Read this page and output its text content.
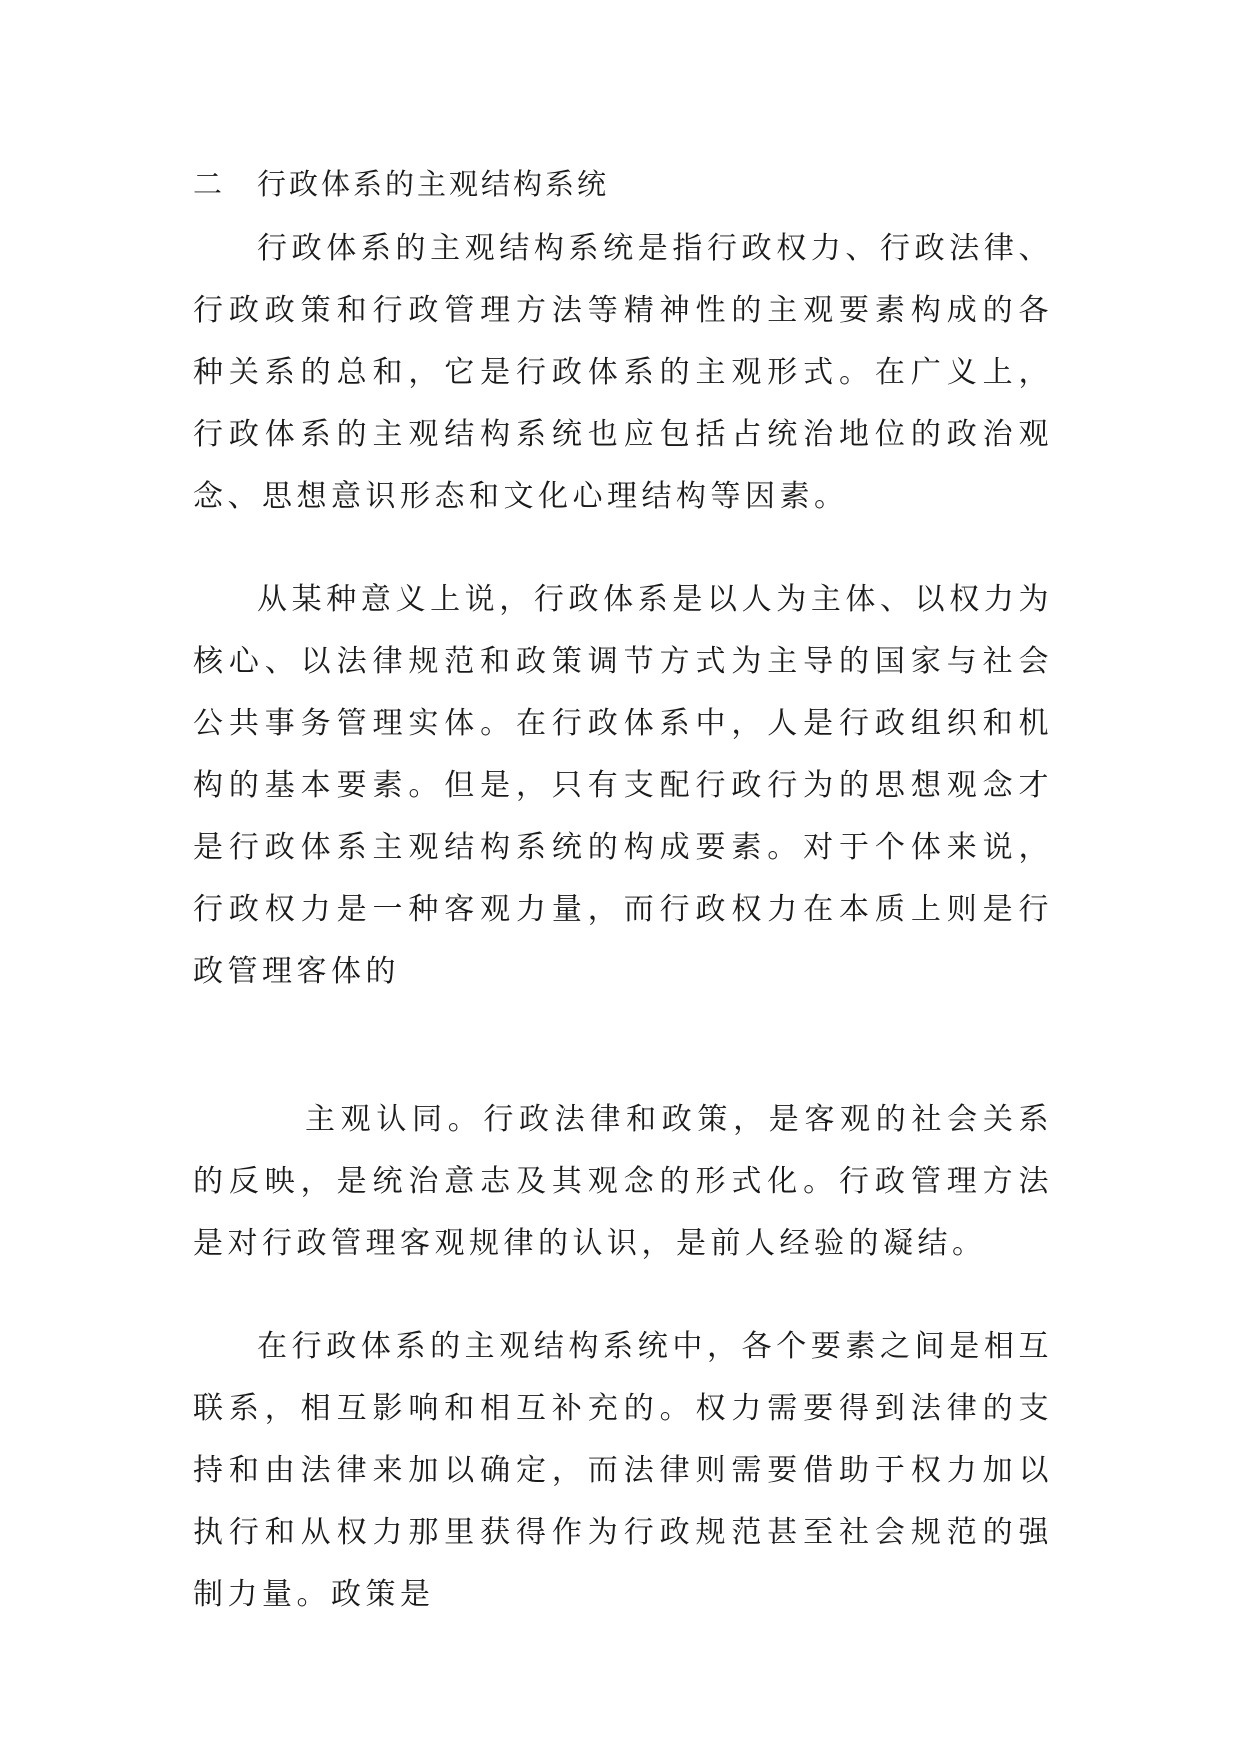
二 行政体系的主观结构系统

行政体系的主观结构系统是指行政权力、行政法律、行政政策和行政管理方法等精神性的主观要素构成的各种关系的总和，它是行政体系的主观形式。在广义上，行政体系的主观结构系统也应包括占统治地位的政治观念、思想意识形态和文化心理结构等因素。

从某种意义上说，行政体系是以人为主体、以权力为核心、以法律规范和政策调节方式为主导的国家与社会公共事务管理实体。在行政体系中，人是行政组织和机构的基本要素。但是，只有支配行政行为的思想观念才是行政体系主观结构系统的构成要素。对于个体来说，行政权力是一种客观力量，而行政权力在本质上则是行政管理客体的

主观认同。行政法律和政策，是客观的社会关系的反映，是统治意志及其观念的形式化。行政管理方法是对行政管理客观规律的认识，是前人经验的凝结。

在行政体系的主观结构系统中，各个要素之间是相互联系，相互影响和相互补充的。权力需要得到法律的支持和由法律来加以确定，而法律则需要借助于权力加以执行和从权力那里获得作为行政规范甚至社会规范的强制力量。政策是
